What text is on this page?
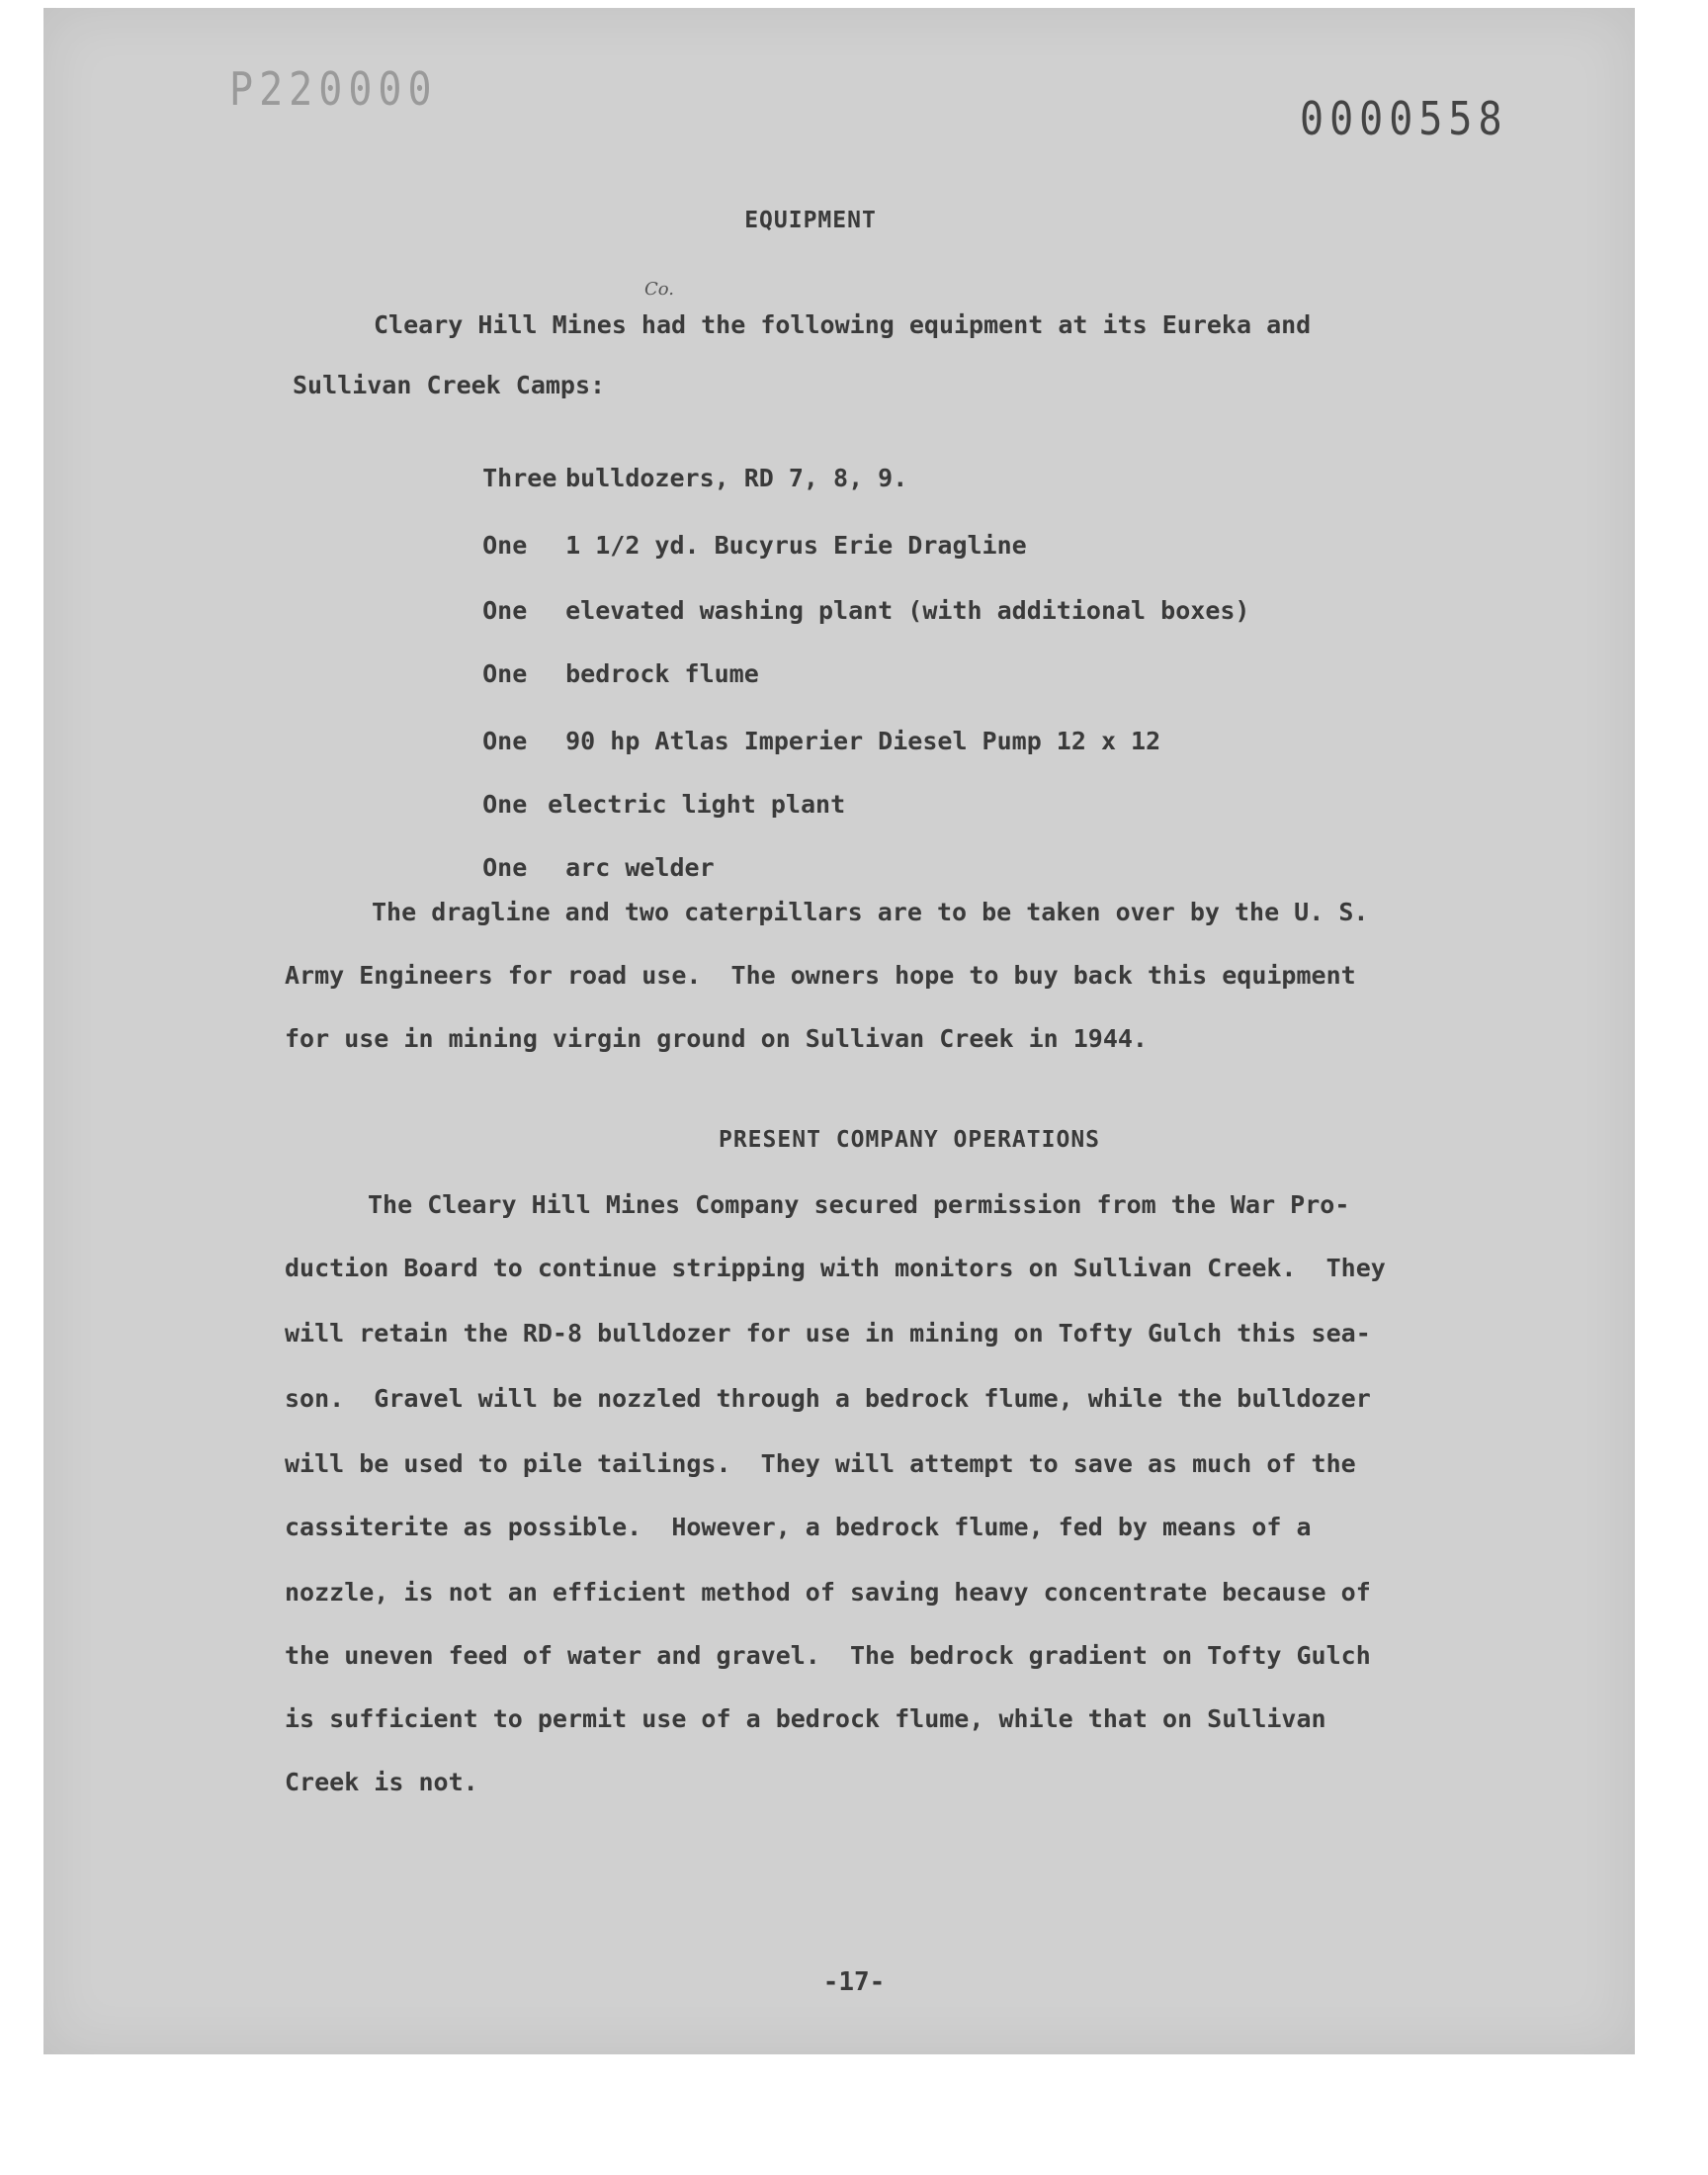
P220000
0000558
EQUIPMENT
Co.
Cleary Hill Mines had the following equipment at its Eureka and
Sullivan Creek Camps:

Three bulldozers, RD 7, 8, 9.

One 1 1/2 yd. Bucyrus Erie Dragline

One elevated washing plant (with additional boxes)

One bedrock flume

One 90 hp Atlas Imperier Diesel Pump 12 x 12

One electric light plant

One arc welder

The dragline and two caterpillars are to be taken over by the U. S.
Army Engineers for road use.  The owners hope to buy back this equipment
for use in mining virgin ground on Sullivan Creek in 1944.
PRESENT COMPANY OPERATIONS
The Cleary Hill Mines Company secured permission from the War Pro-
duction Board to continue stripping with monitors on Sullivan Creek.  They
will retain the RD-8 bulldozer for use in mining on Tofty Gulch this sea-
son.  Gravel will be nozzled through a bedrock flume, while the bulldozer
will be used to pile tailings.  They will attempt to save as much of the
cassiterite as possible.  However, a bedrock flume, fed by means of a
nozzle, is not an efficient method of saving heavy concentrate because of
the uneven feed of water and gravel.  The bedrock gradient on Tofty Gulch
is sufficient to permit use of a bedrock flume, while that on Sullivan
Creek is not.
-17-
